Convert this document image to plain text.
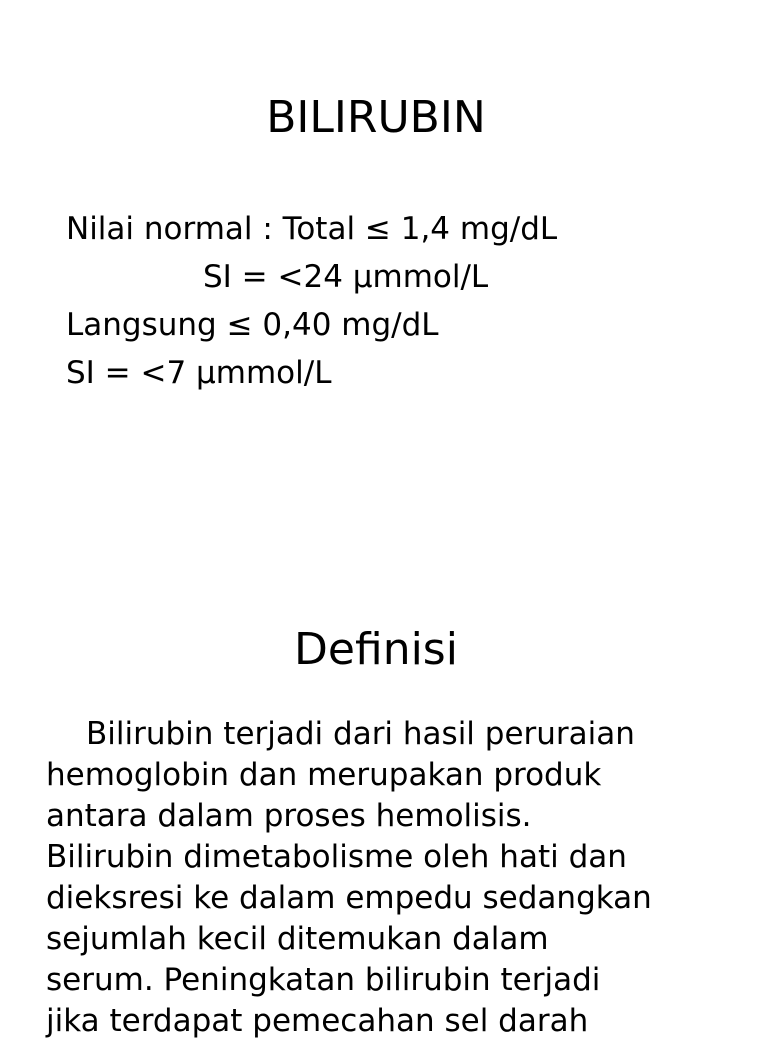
BILIRUBIN
Nilai normal : Total ≤ 1,4 mg/dL
SI = <24 μmmol/L
Langsung ≤ 0,40 mg/dL
SI = <7 μmmol/L
Definisi
Bilirubin terjadi dari hasil peruraian
hemoglobin dan merupakan produk
antara dalam proses hemolisis.
Bilirubin dimetabolisme oleh hati dan
dieksresi ke dalam empedu sedangkan
sejumlah kecil ditemukan dalam
serum. Peningkatan bilirubin terjadi
jika terdapat pemecahan sel darah
